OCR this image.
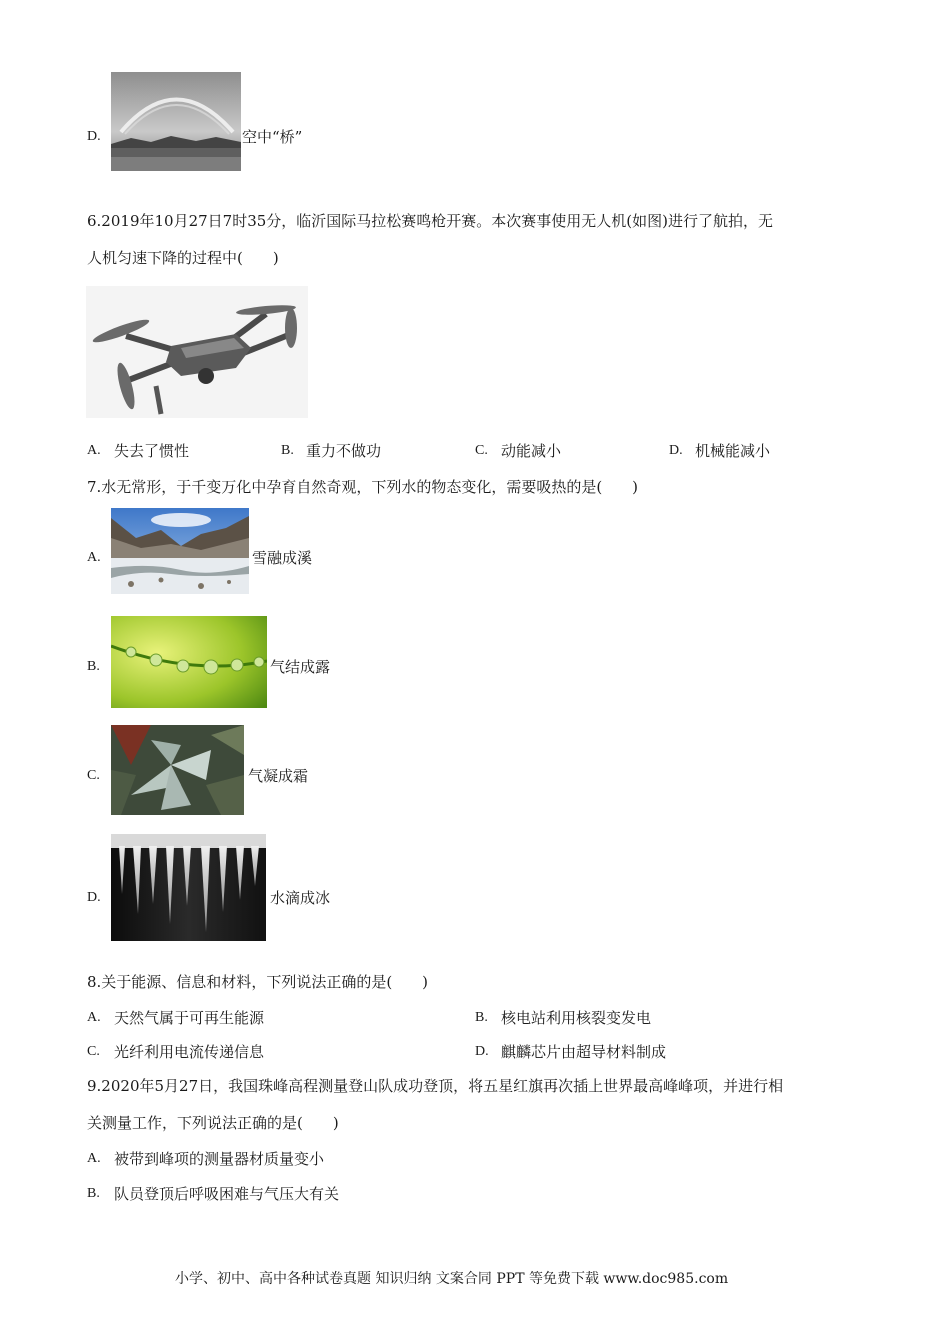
D.	空中“桥”
6.2019年10月27日7时35分，临沂国际马拉松赛鸣枪开赛。本次赛事使用无人机(如图)进行了航拍，无
人机匀速下降的过程中(　　)
A. 失去了惯性	B. 重力不做功	C. 动能减小	D. 机械能减小
7.水无常形，于千变万化中孕育自然奇观，下列水的物态变化，需要吸热的是(　　)
A.	雪融成溪
B.	气结成露
C.	气凝成霜
D.	水滴成冰
8.关于能源、信息和材料，下列说法正确的是(　　)
A. 天然气属于可再生能源	B. 核电站利用核裂变发电
C. 光纤利用电流传递信息	D. 麒麟芯片由超导材料制成
9.2020年5月27日，我国珠峰高程测量登山队成功登顶，将五星红旗再次插上世界最高峰峰项，并进行相
关测量工作，下列说法正确的是(　　)
A. 被带到峰项的测量器材质量变小
B. 队员登顶后呼吸困难与气压大有关
小学、初中、高中各种试卷真题 知识归纳 文案合同 PPT 等免费下载 www.doc985.com
